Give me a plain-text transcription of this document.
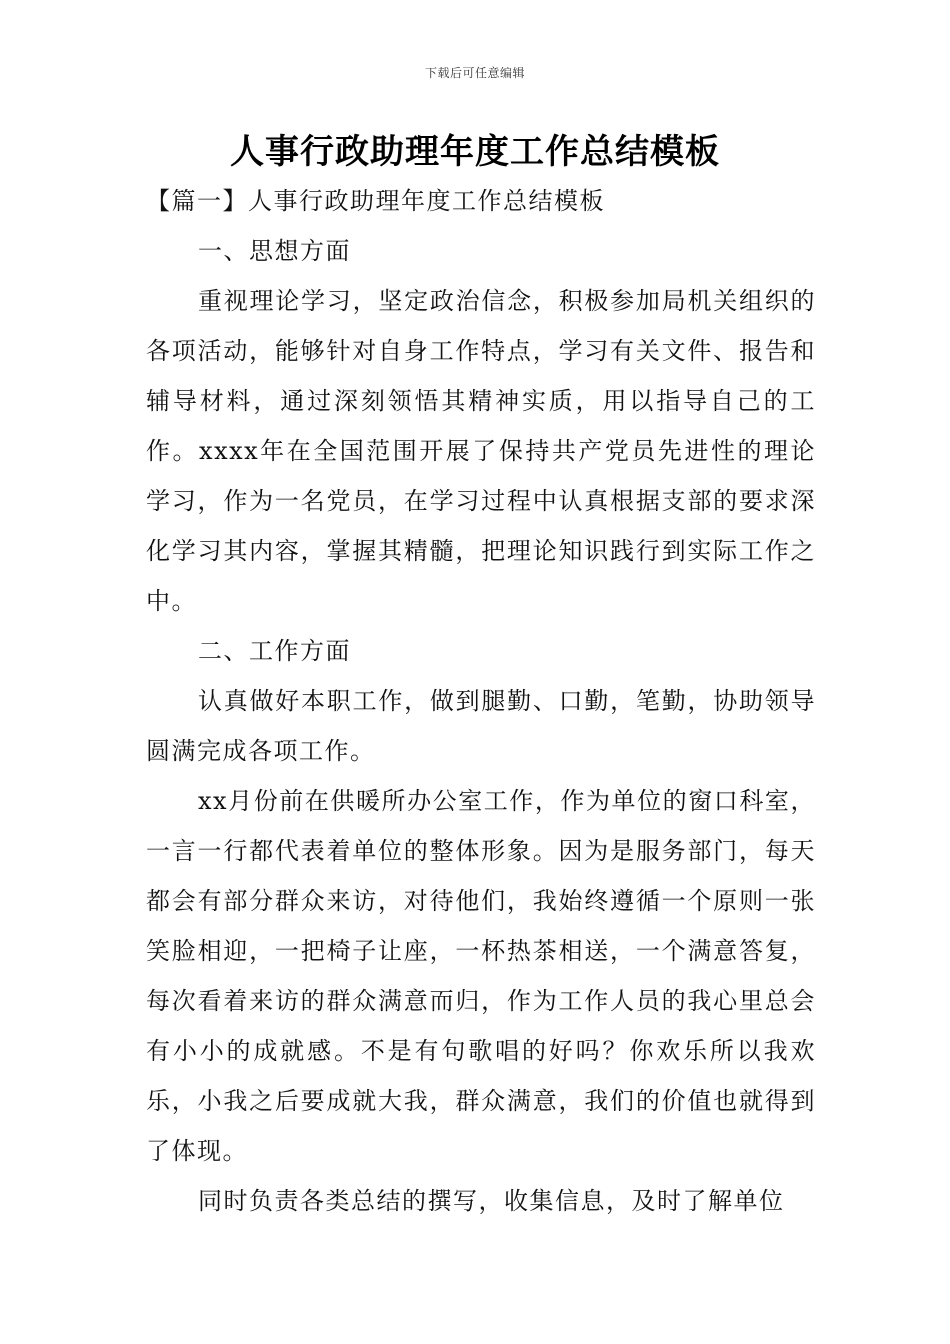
下载后可任意编辑
人事行政助理年度工作总结模板

【篇一】人事行政助理年度工作总结模板

一、思想方面

重视理论学习，坚定政治信念，积极参加局机关组织的各项活动，能够针对自身工作特点，学习有关文件、报告和辅导材料，通过深刻领悟其精神实质，用以指导自己的工作。xxxx年在全国范围开展了保持共产党员先进性的理论学习，作为一名党员，在学习过程中认真根据支部的要求深化学习其内容，掌握其精髓，把理论知识践行到实际工作之中。

二、工作方面

认真做好本职工作，做到腿勤、口勤，笔勤，协助领导圆满完成各项工作。

xx月份前在供暖所办公室工作，作为单位的窗口科室，一言一行都代表着单位的整体形象。因为是服务部门，每天都会有部分群众来访，对待他们，我始终遵循一个原则一张笑脸相迎，一把椅子让座，一杯热茶相送，一个满意答复，每次看着来访的群众满意而归，作为工作人员的我心里总会有小小的成就感。不是有句歌唱的好吗？你欢乐所以我欢乐，小我之后要成就大我，群众满意，我们的价值也就得到了体现。

同时负责各类总结的撰写，收集信息，及时了解单位
